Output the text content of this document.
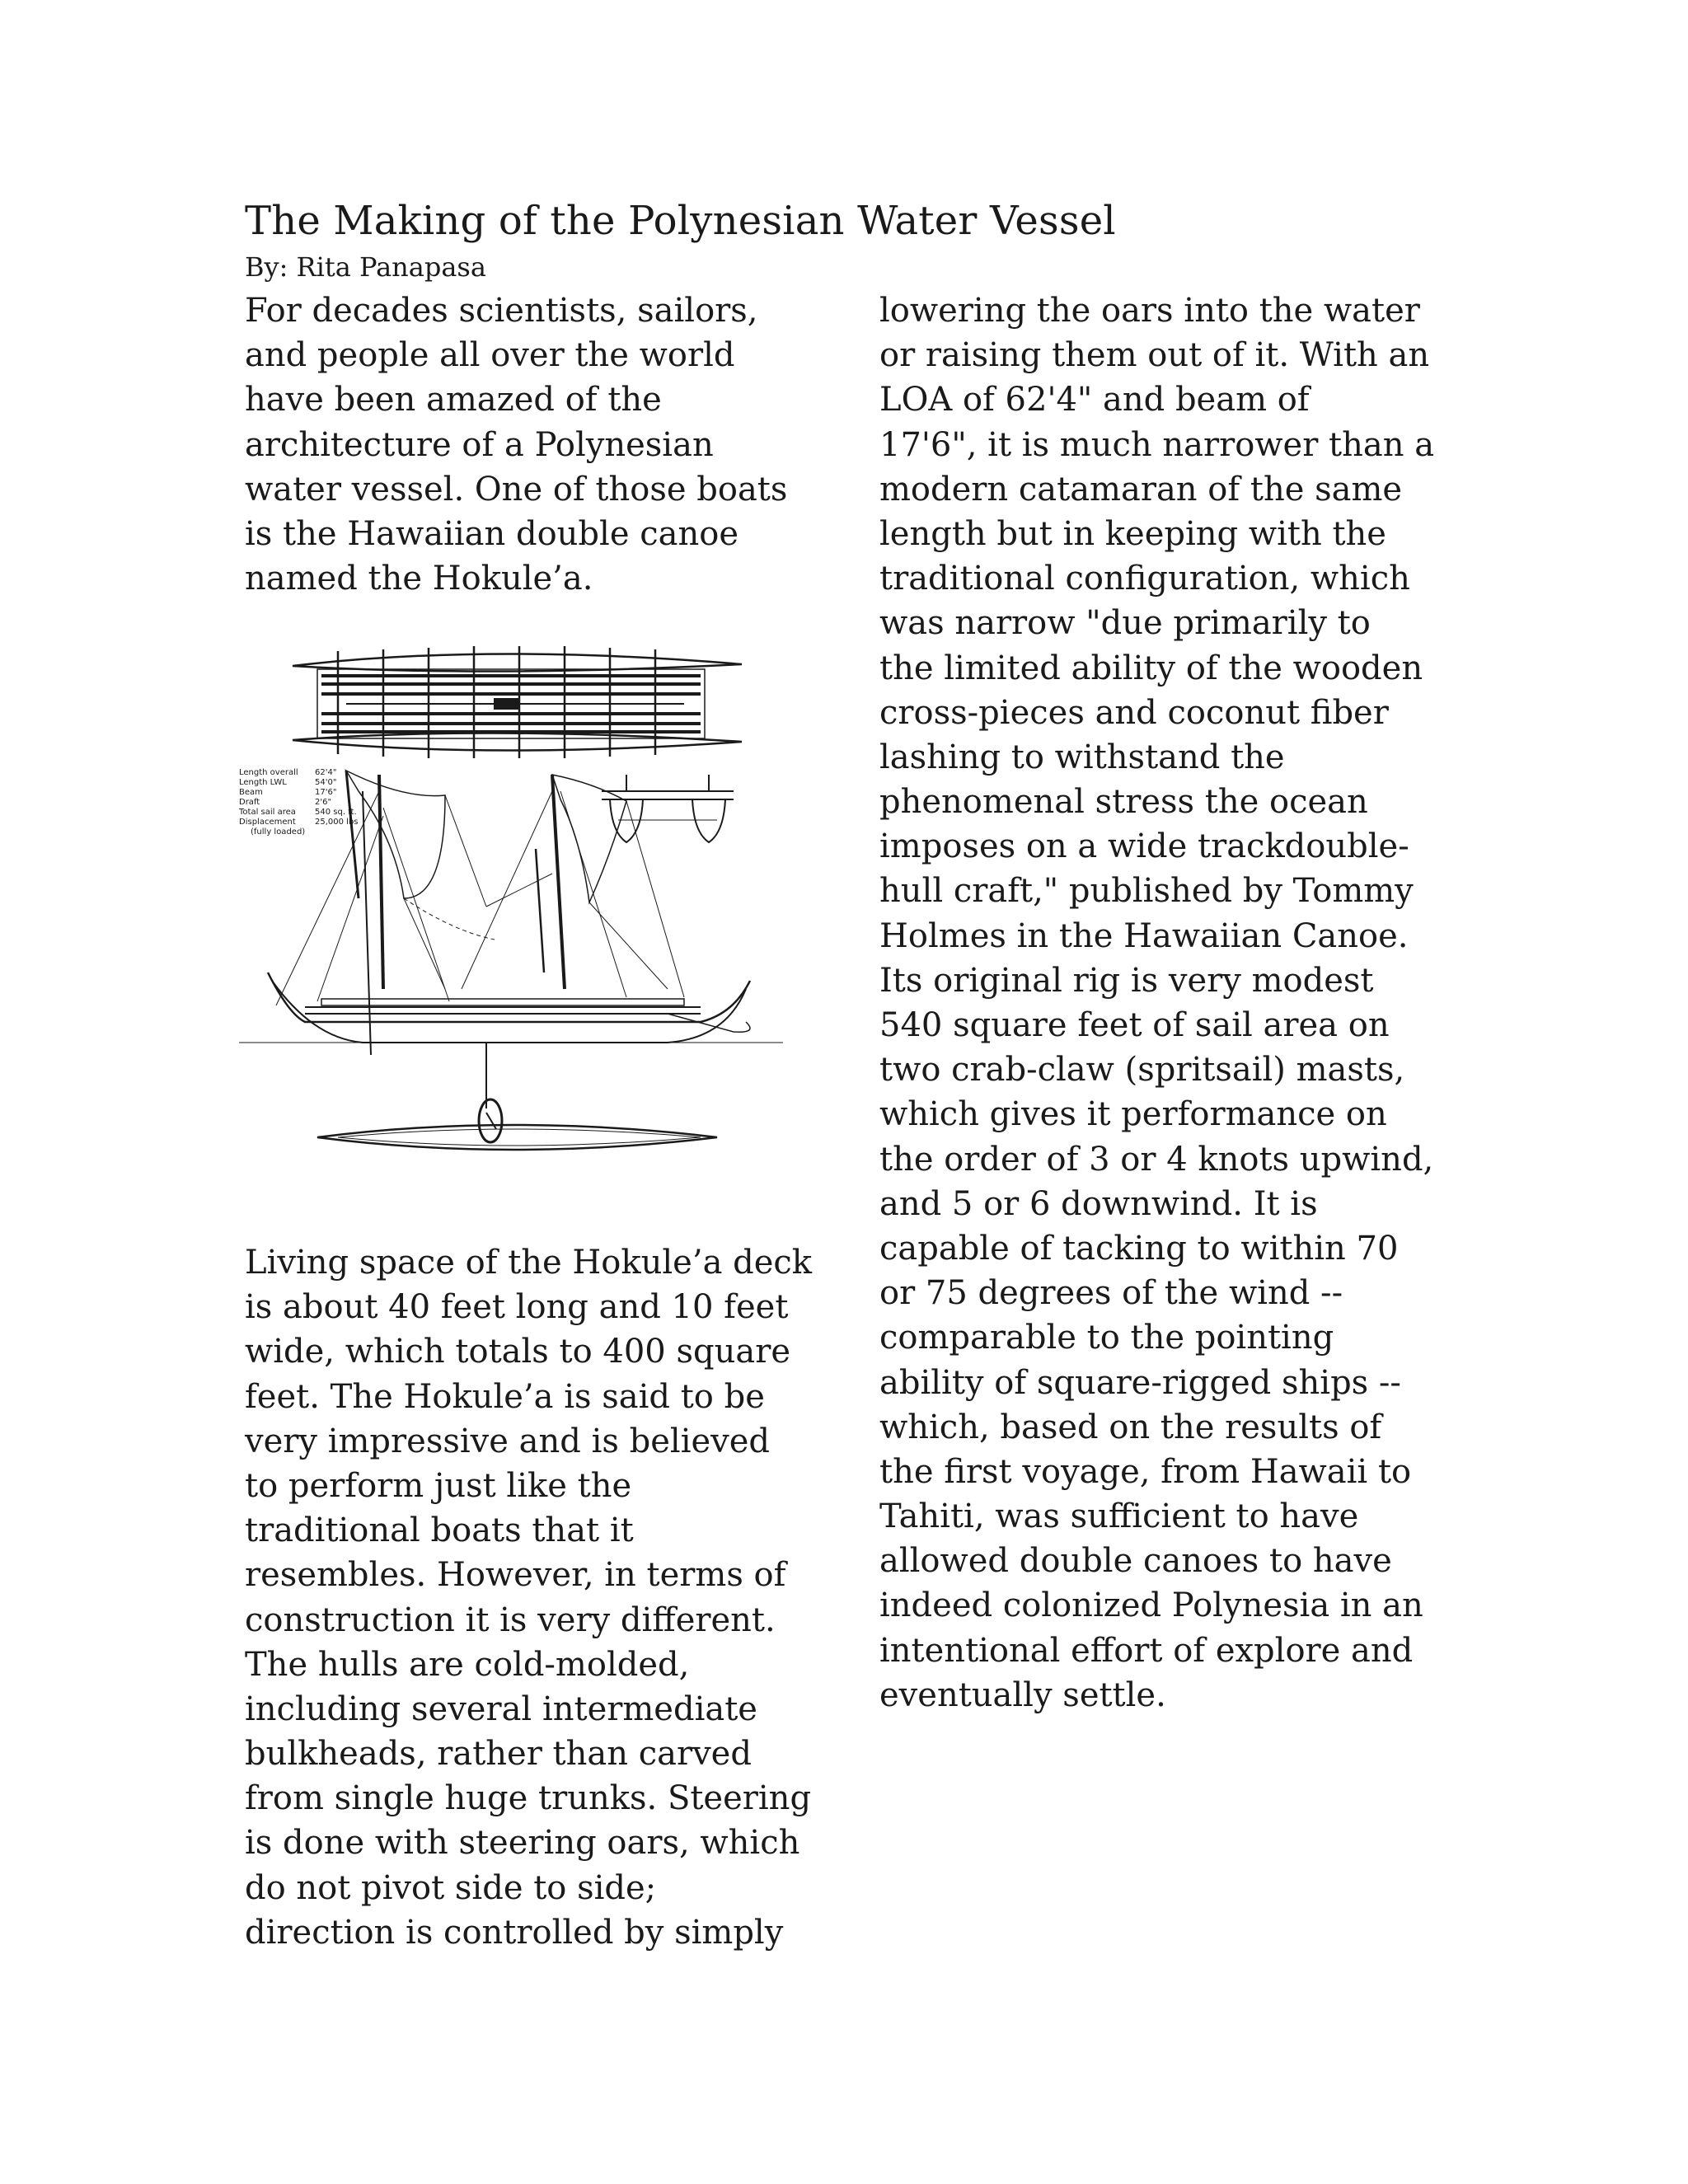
The Making of the Polynesian Water Vessel
By: Rita Panapasa
For decades scientists, sailors,
and people all over the world
have been amazed of the
architecture of a Polynesian
water vessel. One of those boats
is the Hawaiian double canoe
named the Hokule’a.
Length overall
Length LWL
Beam
Draft
Total sail area
Displacement
(fully loaded)
62'4"
54'0"
17'6"
2'6"
540 sq. ft.
25,000 lbs
Living space of the Hokule’a deck
is about 40 feet long and 10 feet
wide, which totals to 400 square
feet. The Hokule’a is said to be
very impressive and is believed
to perform just like the
traditional boats that it
resembles. However, in terms of
construction it is very different.
The hulls are cold-molded,
including several intermediate
bulkheads, rather than carved
from single huge trunks. Steering
is done with steering oars, which
do not pivot side to side;
direction is controlled by simply
lowering the oars into the water
or raising them out of it. With an
LOA of 62'4" and beam of
17'6", it is much narrower than a
modern catamaran of the same
length but in keeping with the
traditional configuration, which
was narrow "due primarily to
the limited ability of the wooden
cross-pieces and coconut fiber
lashing to withstand the
phenomenal stress the ocean
imposes on a wide trackdouble-
hull craft," published by Tommy
Holmes in the Hawaiian Canoe.
Its original rig is very modest
540 square feet of sail area on
two crab-claw (spritsail) masts,
which gives it performance on
the order of 3 or 4 knots upwind,
and 5 or 6 downwind. It is
capable of tacking to within 70
or 75 degrees of the wind --
comparable to the pointing
ability of square-rigged ships --
which, based on the results of
the first voyage, from Hawaii to
Tahiti, was sufficient to have
allowed double canoes to have
indeed colonized Polynesia in an
intentional effort of explore and
eventually settle.
